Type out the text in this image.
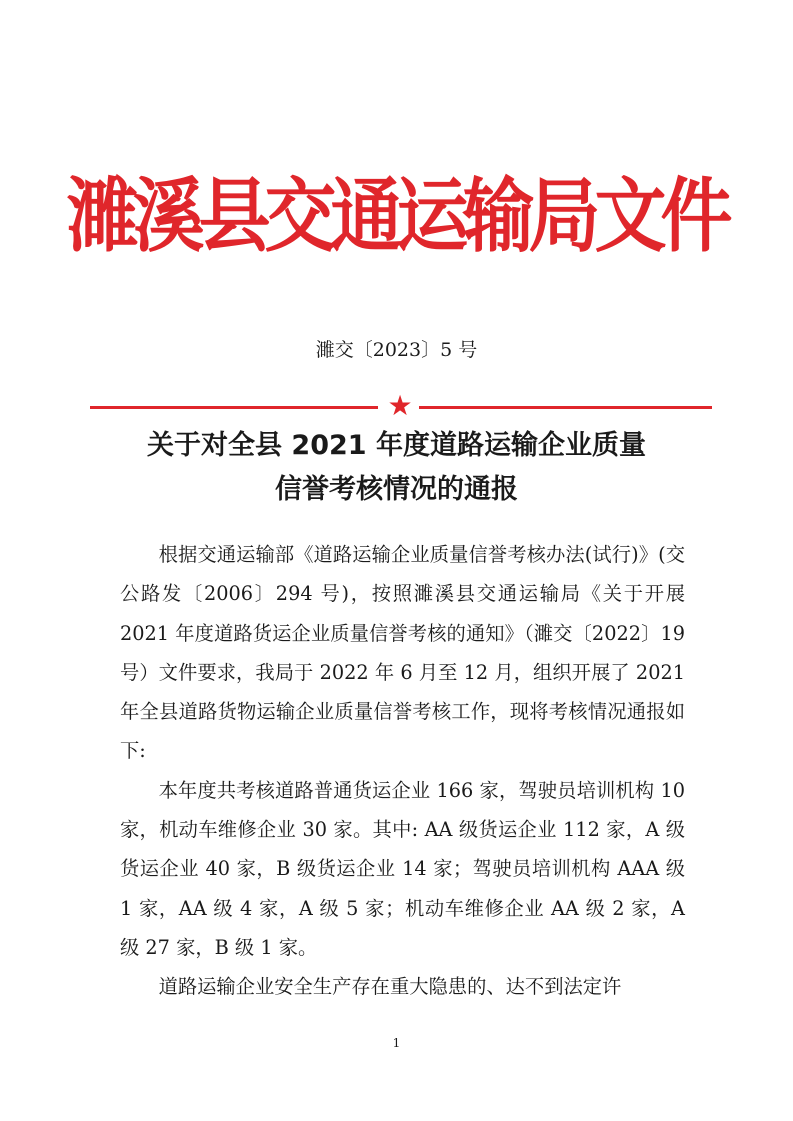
濉溪县交通运输局文件
濉交〔2023〕5 号
★
关于对全县 2021 年度道路运输企业质量
信誉考核情况的通报

根据交通运输部《道路运输企业质量信誉考核办法(试行)》(交公路发〔2006〕294 号)，按照濉溪县交通运输局《关于开展 2021 年度道路货运企业质量信誉考核的通知》（濉交〔2022〕19 号）文件要求，我局于 2022 年 6 月至 12 月，组织开展了 2021 年全县道路货物运输企业质量信誉考核工作，现将考核情况通报如下:

本年度共考核道路普通货运企业 166 家，驾驶员培训机构 10 家，机动车维修企业 30 家。其中: AA 级货运企业 112 家，A 级货运企业 40 家，B 级货运企业 14 家；驾驶员培训机构 AAA 级 1 家，AA 级 4 家，A 级 5 家；机动车维修企业 AA 级 2 家，A 级 27 家，B 级 1 家。

道路运输企业安全生产存在重大隐患的、达不到法定许

1
